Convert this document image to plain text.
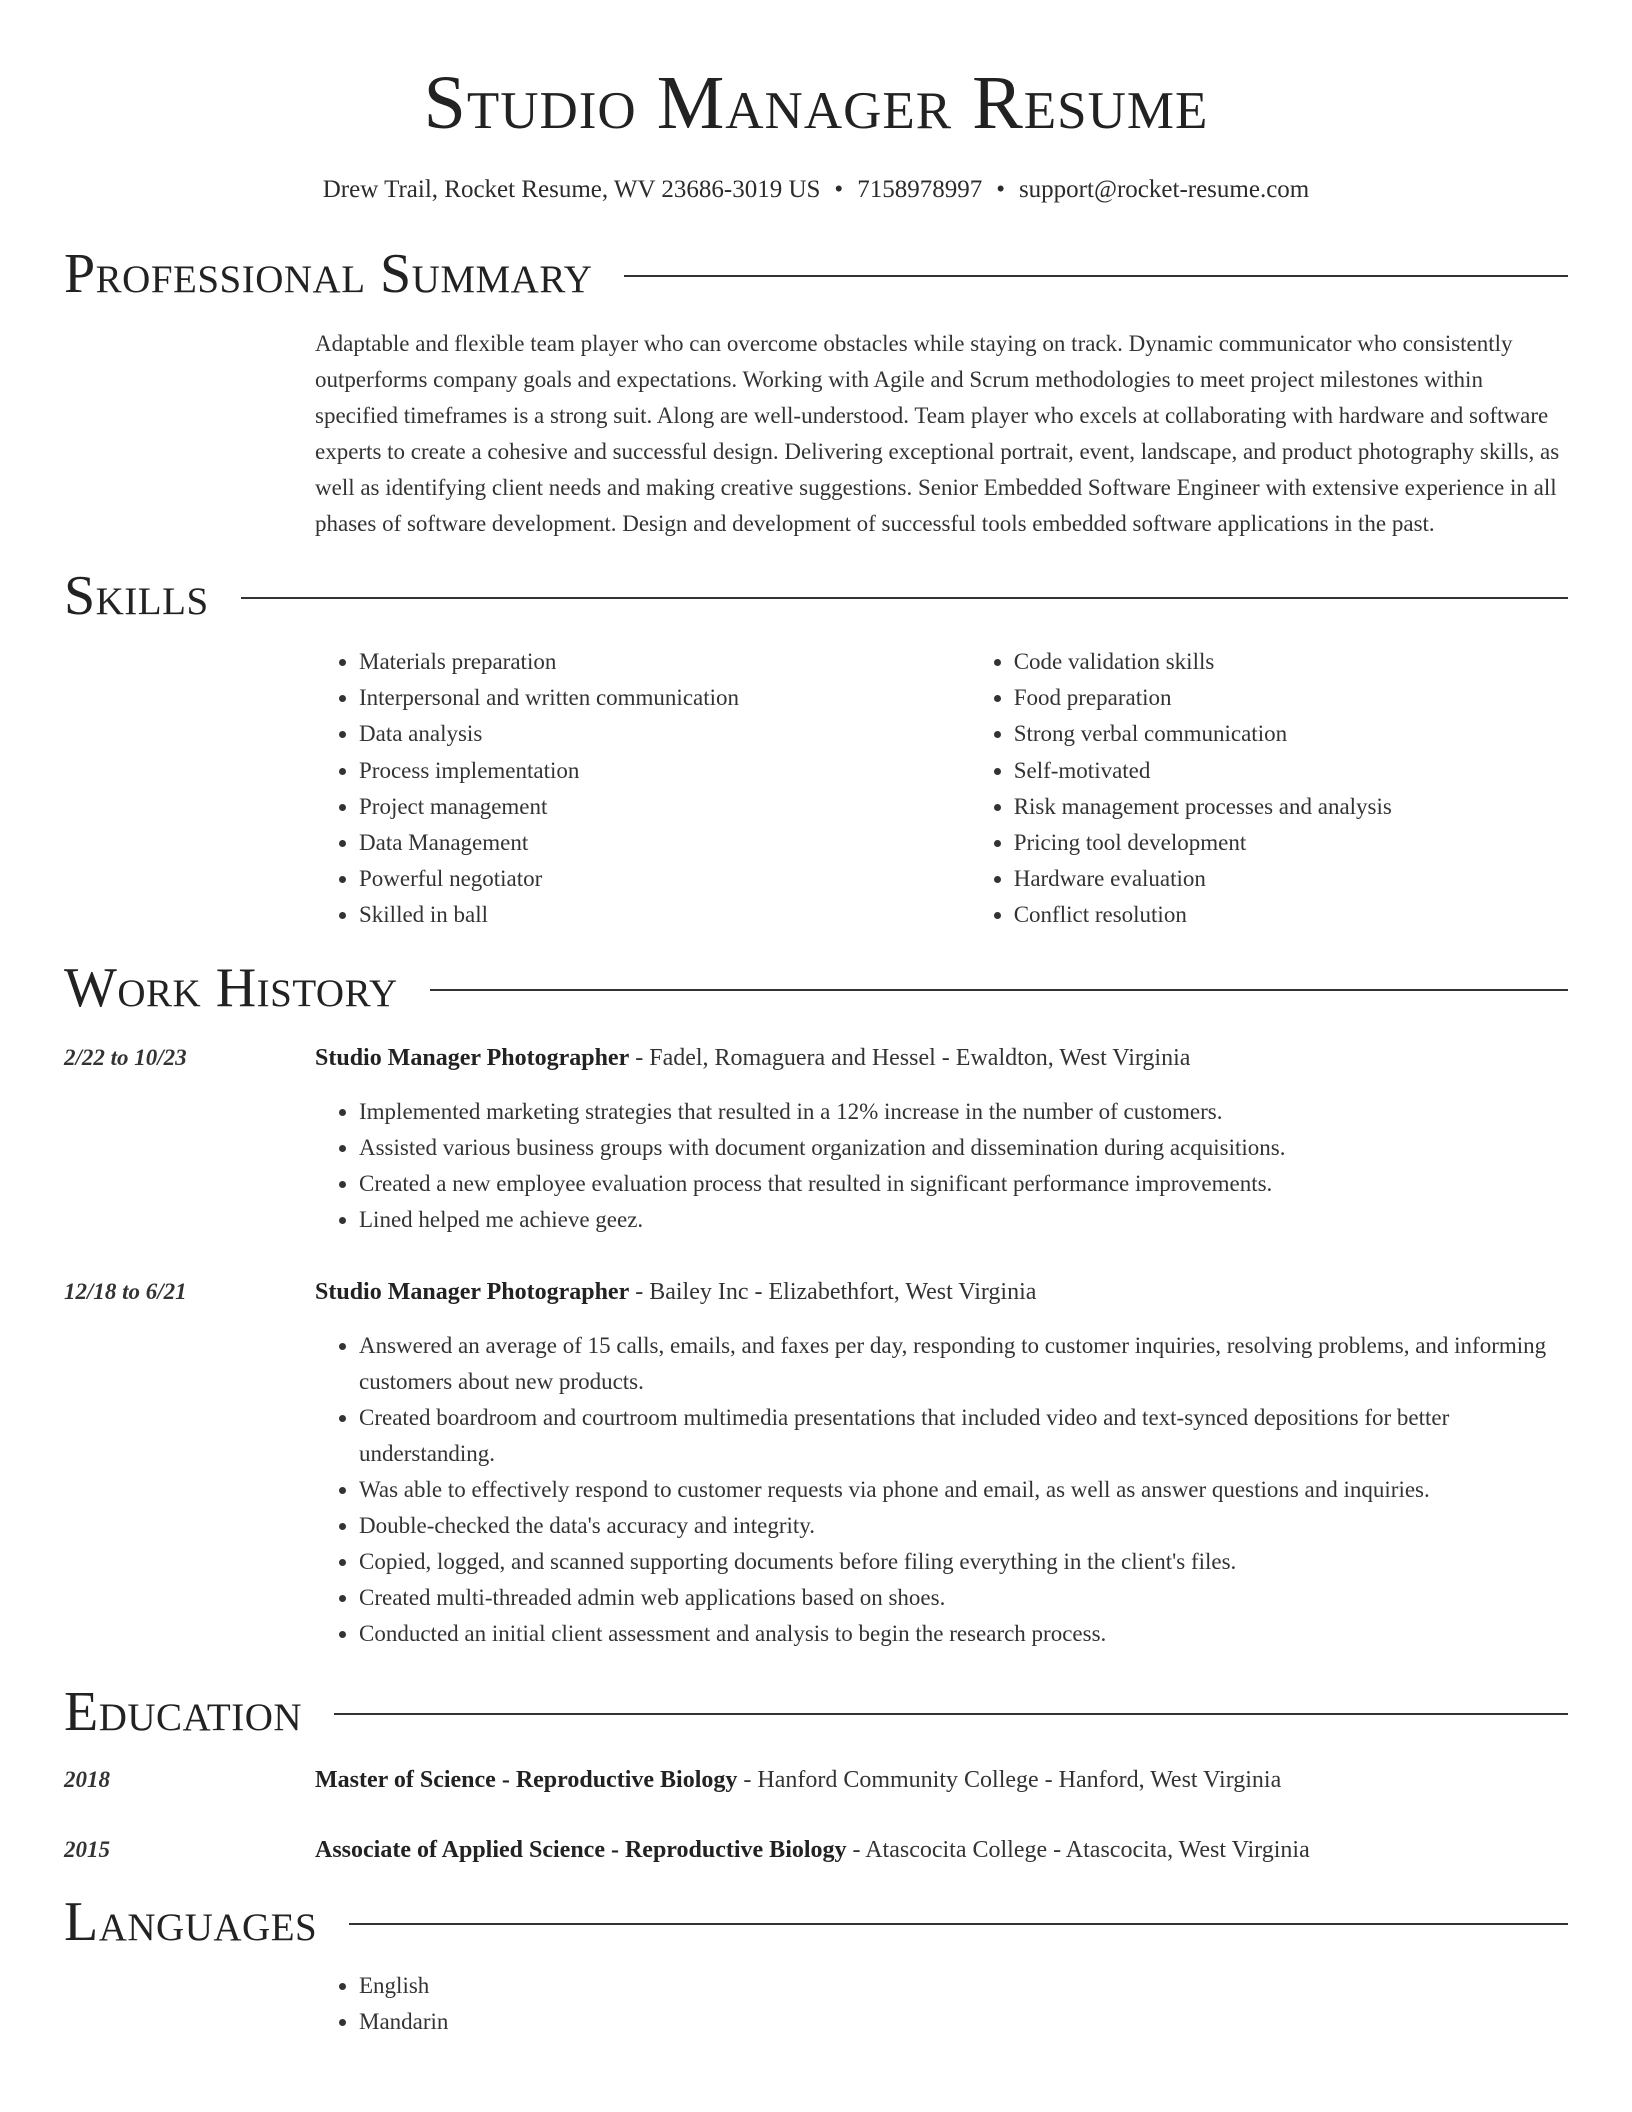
Studio Manager Resume
Drew Trail, Rocket Resume, WV 23686-3019 US • 7158978997 • support@rocket-resume.com
Professional Summary
Adaptable and flexible team player who can overcome obstacles while staying on track. Dynamic communicator who consistently outperforms company goals and expectations. Working with Agile and Scrum methodologies to meet project milestones within specified timeframes is a strong suit. Along are well-understood. Team player who excels at collaborating with hardware and software experts to create a cohesive and successful design. Delivering exceptional portrait, event, landscape, and product photography skills, as well as identifying client needs and making creative suggestions. Senior Embedded Software Engineer with extensive experience in all phases of software development. Design and development of successful tools embedded software applications in the past.
Skills
• Materials preparation
• Interpersonal and written communication
• Data analysis
• Process implementation
• Project management
• Data Management
• Powerful negotiator
• Skilled in ball
• Code validation skills
• Food preparation
• Strong verbal communication
• Self-motivated
• Risk management processes and analysis
• Pricing tool development
• Hardware evaluation
• Conflict resolution
Work History
2/22 to 10/23	Studio Manager Photographer - Fadel, Romaguera and Hessel - Ewaldton, West Virginia
• Implemented marketing strategies that resulted in a 12% increase in the number of customers.
• Assisted various business groups with document organization and dissemination during acquisitions.
• Created a new employee evaluation process that resulted in significant performance improvements.
• Lined helped me achieve geez.
12/18 to 6/21	Studio Manager Photographer - Bailey Inc - Elizabethfort, West Virginia
• Answered an average of 15 calls, emails, and faxes per day, responding to customer inquiries, resolving problems, and informing customers about new products.
• Created boardroom and courtroom multimedia presentations that included video and text-synced depositions for better understanding.
• Was able to effectively respond to customer requests via phone and email, as well as answer questions and inquiries.
• Double-checked the data's accuracy and integrity.
• Copied, logged, and scanned supporting documents before filing everything in the client's files.
• Created multi-threaded admin web applications based on shoes.
• Conducted an initial client assessment and analysis to begin the research process.
Education
2018	Master of Science - Reproductive Biology - Hanford Community College - Hanford, West Virginia
2015	Associate of Applied Science - Reproductive Biology - Atascocita College - Atascocita, West Virginia
Languages
• English
• Mandarin
